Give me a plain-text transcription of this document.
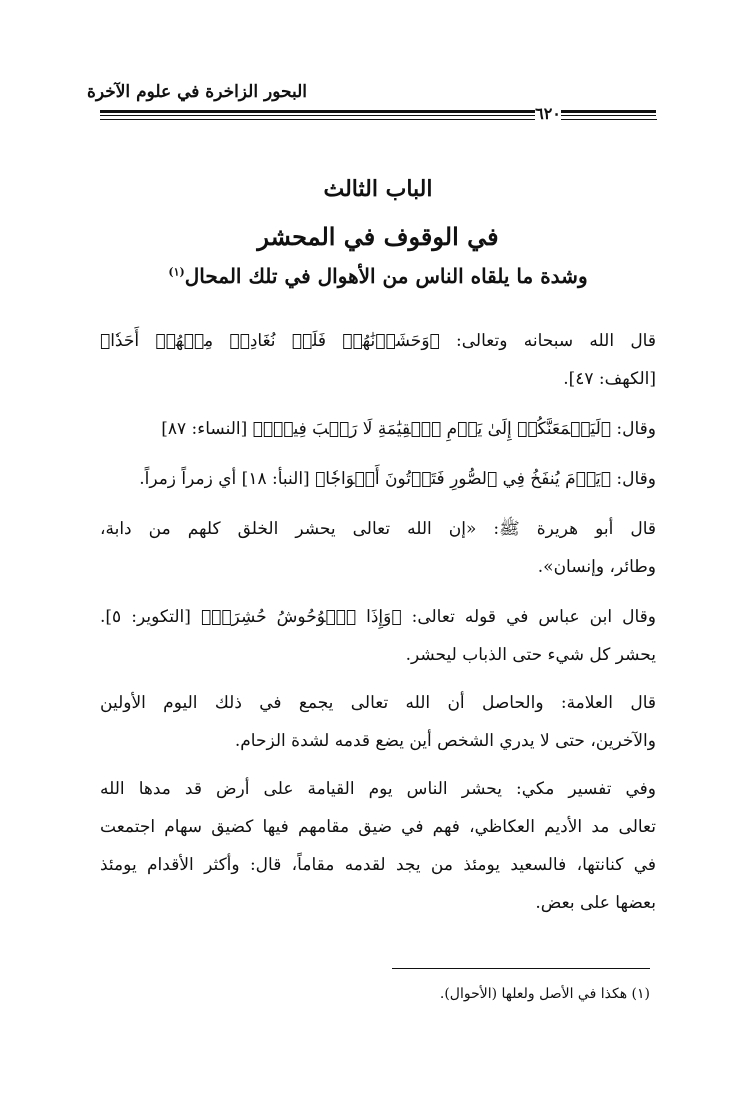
البحور الزاخرة في علوم الآخرة
٦٢٠
الباب الثالث
في الوقوف في المحشر
وشدة ما يلقاه الناس من الأهوال في تلك المحال$^{(١)}$
قال الله سبحانه وتعالى: ﴿وَحَشَرۡنَٰهُمۡ فَلَمۡ نُغَادِرۡ مِنۡهُمۡ أَحَدٗا﴾
[الكهف: ٤٧].
وقال: ﴿لَيَجۡمَعَنَّكُمۡ إِلَىٰ يَوۡمِ ٱلۡقِيَٰمَةِ لَا رَيۡبَ فِيهِۗ﴾ [النساء: ٨٧]
وقال: ﴿يَوۡمَ يُنفَخُ فِي ٱلصُّورِ فَتَأۡتُونَ أَفۡوَاجٗا﴾ [النبأ: ١٨] أي زمراً زمراً.
قال أبو هريرة ﷺ: «إن الله تعالى يحشر الخلق كلهم من دابة،
وطائر، وإنسان».
وقال ابن عباس في قوله تعالى: ﴿وَإِذَا ٱلۡوُحُوشُ حُشِرَتۡ﴾ [التكوير: ٥].
يحشر كل شيء حتى الذباب ليحشر.
قال العلامة: والحاصل أن الله تعالى يجمع في ذلك اليوم الأولين
والآخرين، حتى لا يدري الشخص أين يضع قدمه لشدة الزحام.
وفي تفسير مكي: يحشر الناس يوم القيامة على أرض قد مدها الله
تعالى مد الأديم العكاظي، فهم في ضيق مقامهم فيها كضيق سهام اجتمعت
في كنانتها، فالسعيد يومئذ من يجد لقدمه مقاماً، قال: وأكثر الأقدام يومئذ
بعضها على بعض.
(١) هكذا في الأصل ولعلها (الأحوال).
